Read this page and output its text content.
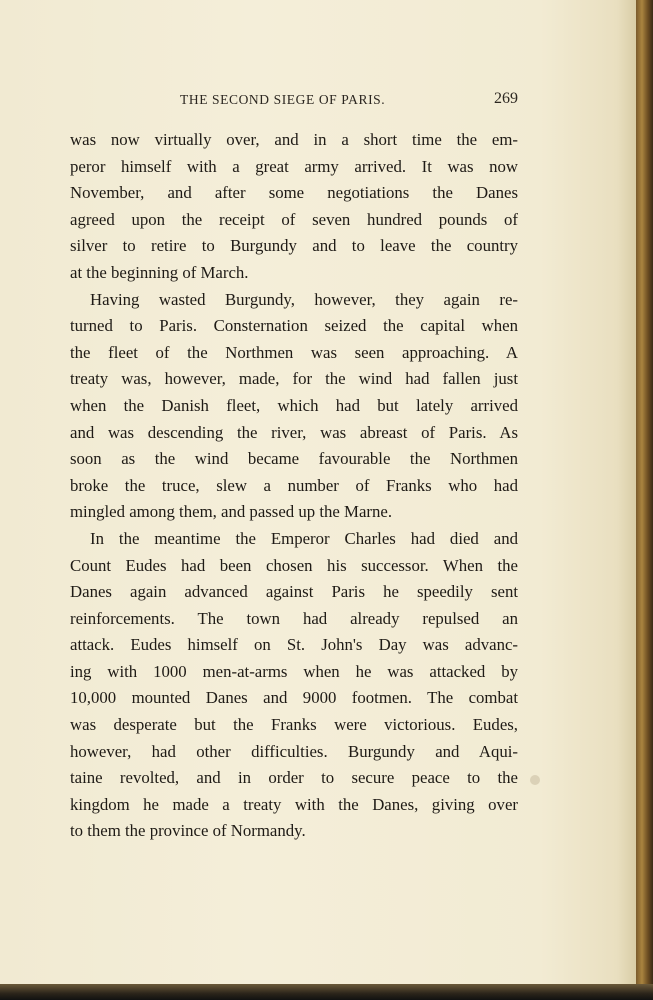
THE SECOND SIEGE OF PARIS.	269
was now virtually over, and in a short time the em-
peror himself with a great army arrived. It was now
November, and after some negotiations the Danes
agreed upon the receipt of seven hundred pounds of
silver to retire to Burgundy and to leave the country
at the beginning of March.
Having wasted Burgundy, however, they again re-
turned to Paris. Consternation seized the capital when
the fleet of the Northmen was seen approaching. A
treaty was, however, made, for the wind had fallen just
when the Danish fleet, which had but lately arrived
and was descending the river, was abreast of Paris. As
soon as the wind became favourable the Northmen
broke the truce, slew a number of Franks who had
mingled among them, and passed up the Marne.
In the meantime the Emperor Charles had died and
Count Eudes had been chosen his successor. When the
Danes again advanced against Paris he speedily sent
reinforcements. The town had already repulsed an
attack. Eudes himself on St. John's Day was advanc-
ing with 1000 men-at-arms when he was attacked by
10,000 mounted Danes and 9000 footmen. The combat
was desperate but the Franks were victorious. Eudes,
however, had other difficulties. Burgundy and Aqui-
taine revolted, and in order to secure peace to the
kingdom he made a treaty with the Danes, giving over
to them the province of Normandy.
